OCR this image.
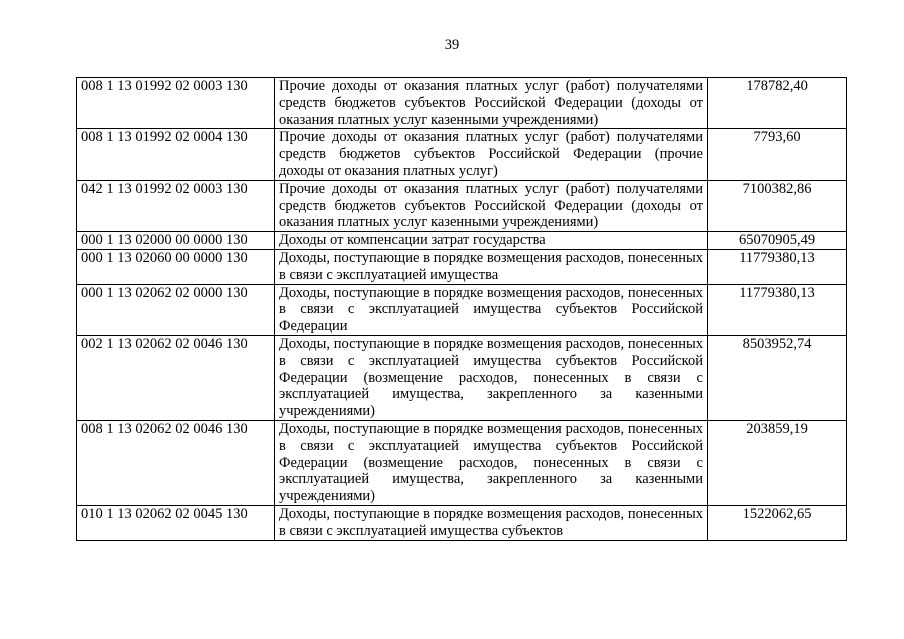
39
008 1 13 01992 02 0003 130	Прочие доходы от оказания платных услуг (работ) получателями средств бюджетов субъектов Российской Федерации (доходы от оказания платных услуг казенными учреждениями)	178782,40
008 1 13 01992 02 0004 130	Прочие доходы от оказания платных услуг (работ) получателями средств бюджетов субъектов Российской Федерации (прочие доходы от оказания платных услуг)	7793,60
042 1 13 01992 02 0003 130	Прочие доходы от оказания платных услуг (работ) получателями средств бюджетов субъектов Российской Федерации (доходы от оказания платных услуг казенными учреждениями)	7100382,86
000 1 13 02000 00 0000 130	Доходы от компенсации затрат государства	65070905,49
000 1 13 02060 00 0000 130	Доходы, поступающие в порядке возмещения расходов, понесенных в связи с эксплуатацией имущества	11779380,13
000 1 13 02062 02 0000 130	Доходы, поступающие в порядке возмещения расходов, понесенных в связи с эксплуатацией имущества субъектов Российской Федерации	11779380,13
002 1 13 02062 02 0046 130	Доходы, поступающие в порядке возмещения расходов, понесенных в связи с эксплуатацией имущества субъектов Российской Федерации (возмещение расходов, понесенных в связи с эксплуатацией имущества, закрепленного за казенными учреждениями)	8503952,74
008 1 13 02062 02 0046 130	Доходы, поступающие в порядке возмещения расходов, понесенных в связи с эксплуатацией имущества субъектов Российской Федерации (возмещение расходов, понесенных в связи с эксплуатацией имущества, закрепленного за казенными учреждениями)	203859,19
010 1 13 02062 02 0045 130	Доходы, поступающие в порядке возмещения расходов, понесенных в связи с эксплуатацией имущества субъектов	1522062,65
